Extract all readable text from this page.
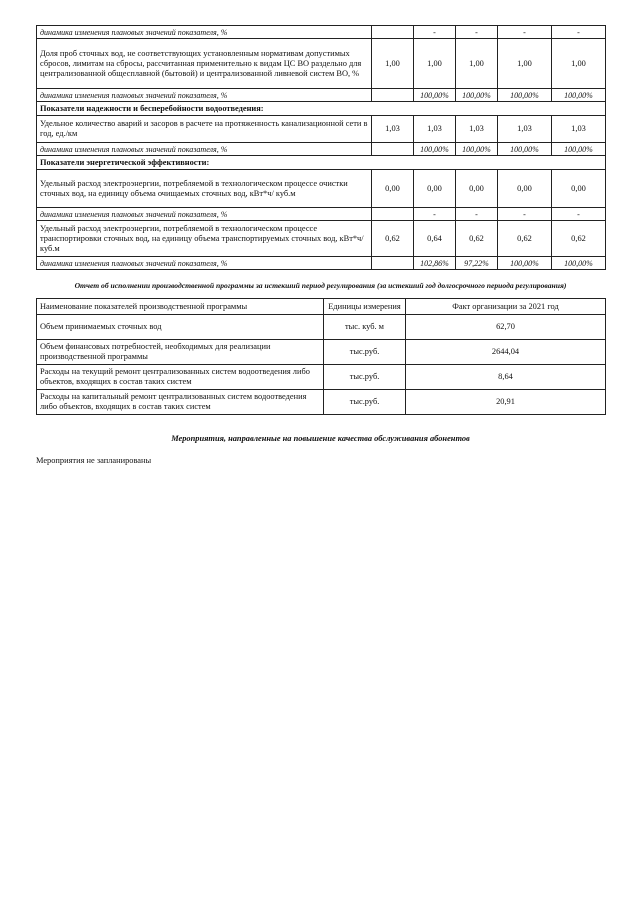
динамика изменения плановых значений показателя, %		-	-	-	-
Доля проб сточных вод, не соответствующих установленным нормативам допустимых сбросов, лимитам на сбросы, рассчитанная применительно к видам ЦС ВО раздельно для централизованной общесплавной (бытовой) и централизованной ливневой систем ВО, %	1,00	1,00	1,00	1,00	1,00
динамика изменения плановых значений показателя, %		100,00%	100,00%	100,00%	100,00%
Показатели надежности и бесперебойности водоотведения:					
Удельное количество аварий и засоров в расчете на протяженность канализационной сети в год, ед./км	1,03	1,03	1,03	1,03	1,03
динамика изменения плановых значений показателя, %		100,00%	100,00%	100,00%	100,00%
Показатели энергетической эффективности:					
Удельный расход электроэнергии, потребляемой в технологическом процессе очистки сточных вод, на единицу объема очищаемых сточных вод, кВт*ч/ куб.м	0,00	0,00	0,00	0,00	0,00
динамика изменения плановых значений показателя, %		-	-	-	-
Удельный расход электроэнергии, потребляемой в технологическом процессе транспортировки сточных вод, на единицу объема транспортируемых сточных вод, кВт*ч/ куб.м	0,62	0,64	0,62	0,62	0,62
динамика изменения плановых значений показателя, %		102,86%	97,22%	100,00%	100,00%
Отчет об исполнении производственной программы за истекший период регулирования (за истекший год долгосрочного периода регулирования)
Наименование показателей производственной программы	Единицы измерения	Факт организации за 2021 год
Объем принимаемых сточных вод	тыс. куб. м	62,70
Объем финансовых потребностей, необходимых для реализации производственной программы	тыс.руб.	2644,04
Расходы на текущий ремонт централизованных систем водоотведения либо объектов, входящих в состав таких систем	тыс.руб.	8,64
Расходы на капитальный ремонт централизованных систем водоотведения либо объектов, входящих в состав таких систем	тыс.руб.	20,91
Мероприятия, направленные на повышение качества обслуживания абонентов
Мероприятия не запланированы
